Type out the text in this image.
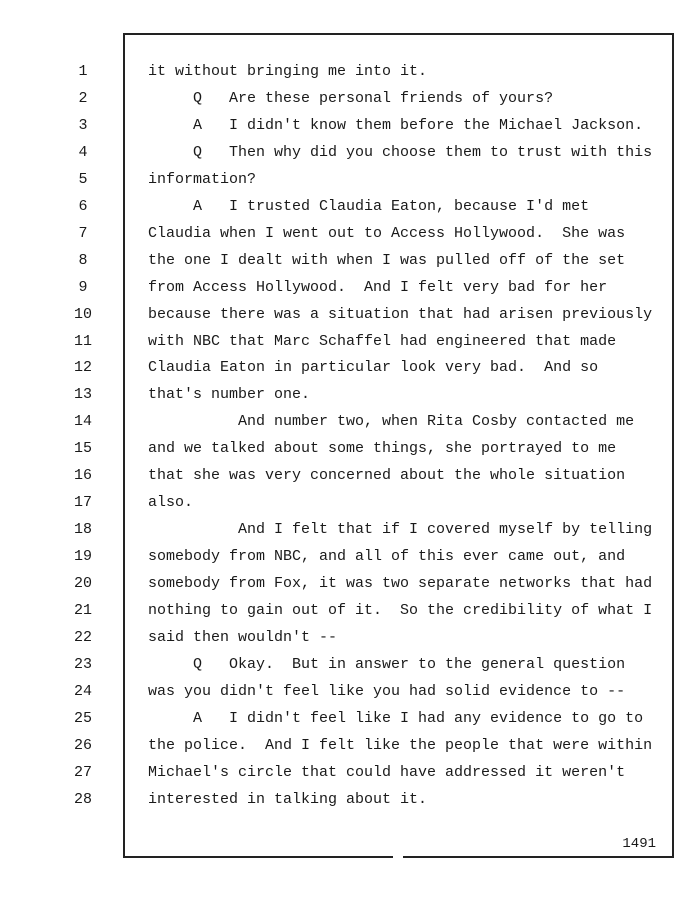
1
2
3
4
5
6
7
8
9
10
11
12
13
14
15
16
17
18
19
20
21
22
23
24
25
26
27
28
it without bringing me into it.
Q   Are these personal friends of yours?
A   I didn't know them before the Michael Jackson.
Q   Then why did you choose them to trust with this
information?
A   I trusted Claudia Eaton, because I'd met
Claudia when I went out to Access Hollywood.  She was
the one I dealt with when I was pulled off of the set
from Access Hollywood.  And I felt very bad for her
because there was a situation that had arisen previously
with NBC that Marc Schaffel had engineered that made
Claudia Eaton in particular look very bad.  And so
that's number one.
And number two, when Rita Cosby contacted me
and we talked about some things, she portrayed to me
that she was very concerned about the whole situation
also.
And I felt that if I covered myself by telling
somebody from NBC, and all of this ever came out, and
somebody from Fox, it was two separate networks that had
nothing to gain out of it.  So the credibility of what I
said then wouldn't --
Q   Okay.  But in answer to the general question
was you didn't feel like you had solid evidence to --
A   I didn't feel like I had any evidence to go to
the police.  And I felt like the people that were within
Michael's circle that could have addressed it weren't
interested in talking about it.
1491
